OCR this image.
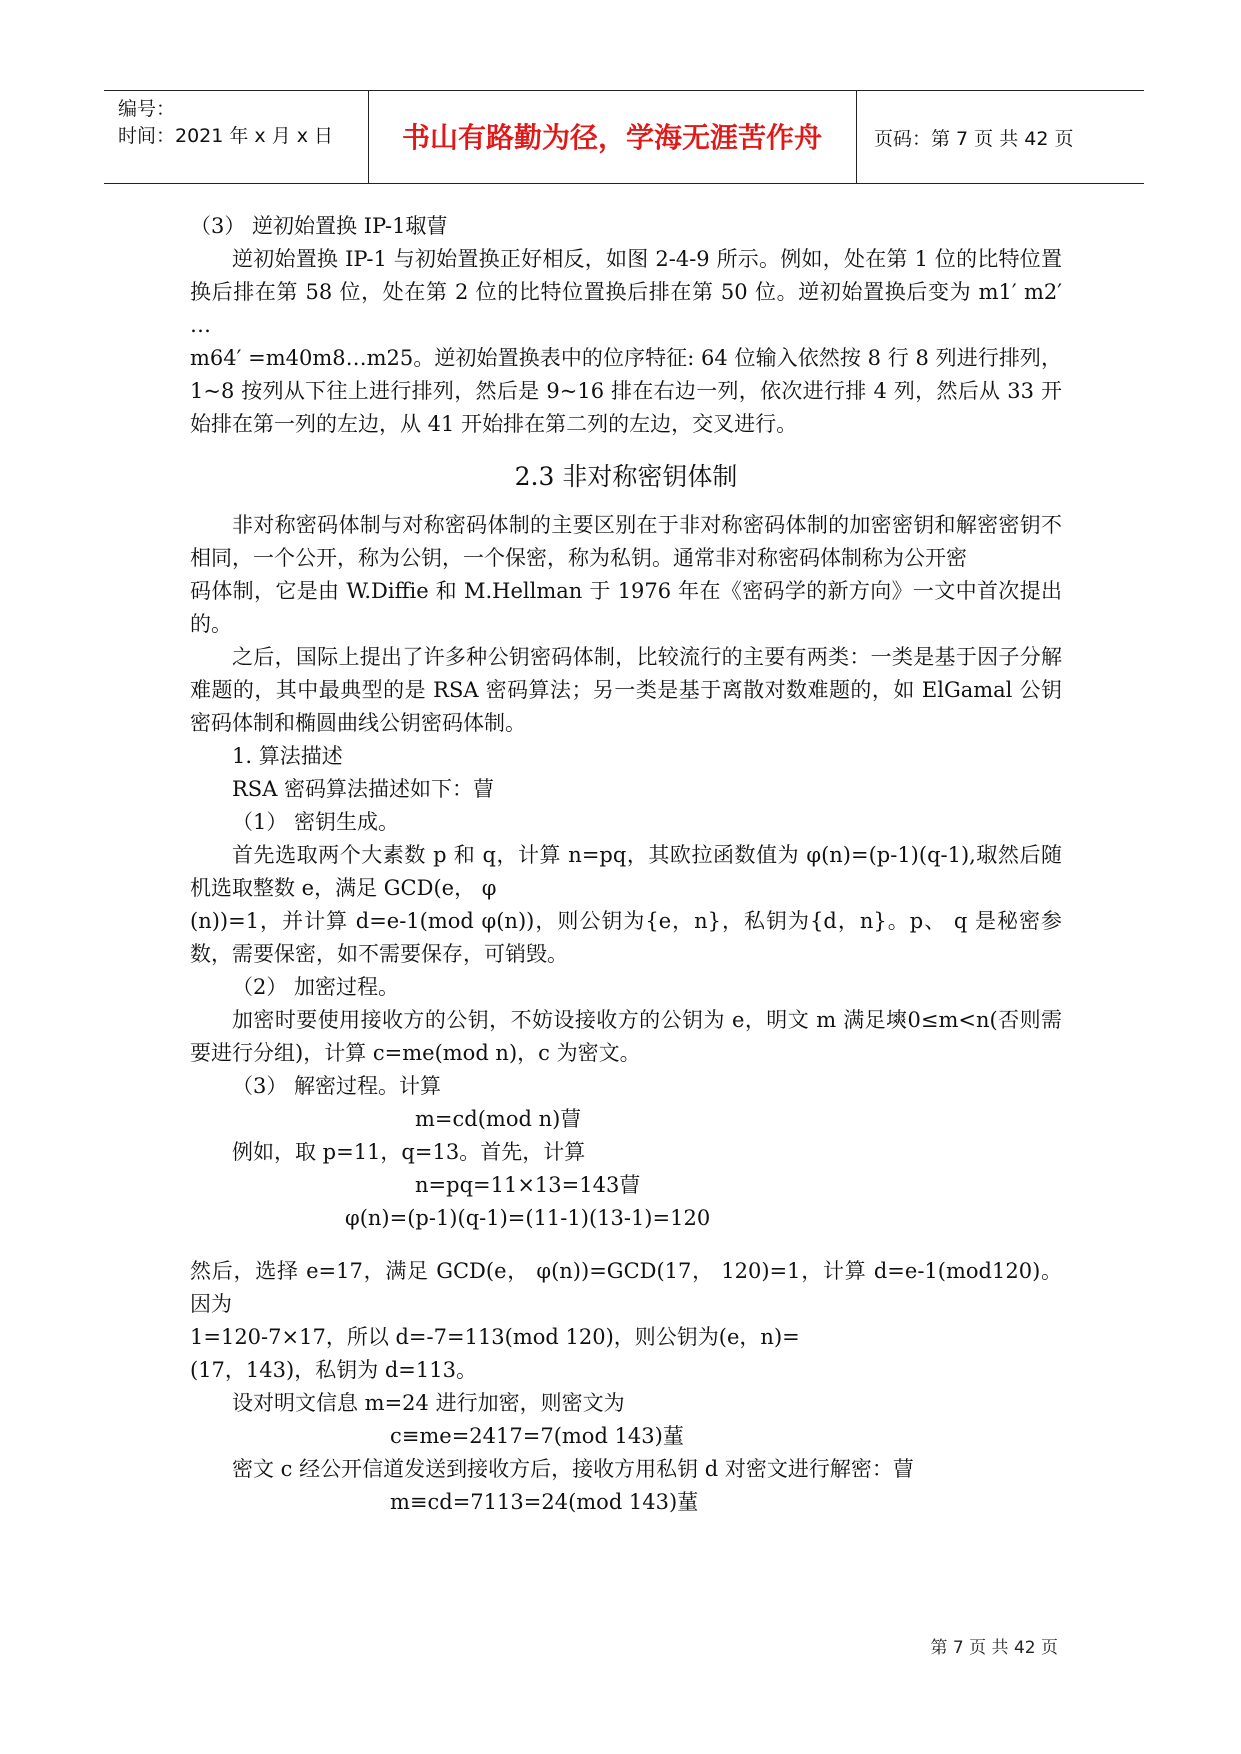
编号：
时间：2021 年 x 月 x 日	书山有路勤为径，学海无涯苦作舟	页码：第 7 页 共 42 页

（3） 逆初始置换 IP-1琡萺

逆初始置换 IP-1 与初始置换正好相反，如图 2-4-9 所示。例如，处在第 1 位的比特位置换后排在第 58 位，处在第 2 位的比特位置换后排在第 50 位。逆初始置换后变为 m1′ m2′ …

m64′ =m40m8…m25。逆初始置换表中的位序特征: 64 位输入依然按 8 行 8 列进行排列，1~8 按列从下往上进行排列，然后是 9~16 排在右边一列，依次进行排 4 列，然后从 33 开始排在第一列的左边，从 41 开始排在第二列的左边，交叉进行。

2.3 非对称密钥体制

非对称密码体制与对称密码体制的主要区别在于非对称密码体制的加密密钥和解密密钥不相同，一个公开，称为公钥，一个保密，称为私钥。通常非对称密码体制称为公开密

码体制，它是由 W.Diffie 和 M.Hellman 于 1976 年在《密码学的新方向》一文中首次提出的。

之后，国际上提出了许多种公钥密码体制，比较流行的主要有两类：一类是基于因子分解难题的，其中最典型的是 RSA 密码算法；另一类是基于离散对数难题的，如 ElGamal 公钥密码体制和椭圆曲线公钥密码体制。

1. 算法描述

RSA 密码算法描述如下：萺

（1） 密钥生成。

首先选取两个大素数 p 和 q，计算 n=pq，其欧拉函数值为 φ(n)=(p-1)(q-1),琡然后随机选取整数 e，满足 GCD(e， φ

(n))=1，并计算 d=e-1(mod φ(n))，则公钥为{e，n}，私钥为{d，n}。p、 q 是秘密参数，需要保密，如不需要保存，可销毁。

（2） 加密过程。

加密时要使用接收方的公钥，不妨设接收方的公钥为 e，明文 m 满足塽0≤m<n(否则需要进行分组)，计算 c=me(mod n)，c 为密文。

（3） 解密过程。计算

m=cd(mod n)萺

例如，取 p=11，q=13。首先，计算

n=pq=11×13=143萺

φ(n)=(p-1)(q-1)=(11-1)(13-1)=120

然后，选择 e=17，满足 GCD(e， φ(n))=GCD(17， 120)=1，计算 d=e-1(mod120)。因为

1=120-7×17，所以 d=-7=113(mod 120)，则公钥为(e，n)=

(17，143)，私钥为 d=113。

设对明文信息 m=24 进行加密，则密文为

c≡me=2417=7(mod 143)蓳

密文 c 经公开信道发送到接收方后，接收方用私钥 d 对密文进行解密：萺

m≡cd=7113=24(mod 143)蓳

第 7 页 共 42 页
